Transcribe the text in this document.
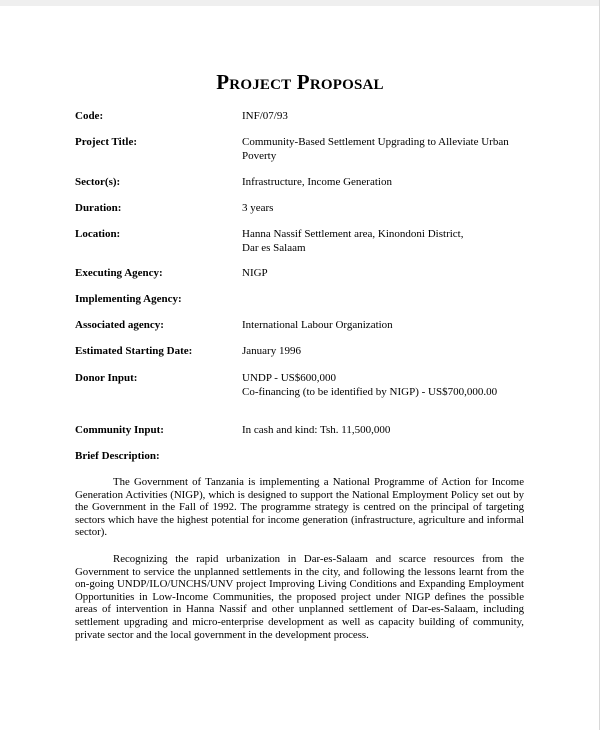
Project Proposal
Code:	INF/07/93
Project Title:	Community-Based Settlement Upgrading to Alleviate Urban
Poverty
Sector(s):	Infrastructure, Income Generation
Duration:	3 years
Location:	Hanna Nassif Settlement area, Kinondoni District,
Dar es Salaam
Executing Agency:	NIGP
Implementing Agency:
Associated agency:	International Labour Organization
Estimated Starting Date:	January 1996
Donor Input:	UNDP - US$600,000
Co-financing (to be identified by NIGP) - US$700,000.00
Community Input:	In cash and kind: Tsh. 11,500,000
Brief Description:

The Government of Tanzania is implementing a National Programme of Action for Income Generation Activities (NIGP), which is designed to support the National Employment Policy set out by the Government in the Fall of 1992. The programme strategy is centred on the principal of targeting sectors which have the highest potential for income generation (infrastructure, agriculture and informal sector).

Recognizing the rapid urbanization in Dar-es-Salaam and scarce resources from the Government to service the unplanned settlements in the city, and following the lessons learnt from the on-going UNDP/ILO/UNCHS/UNV project Improving Living Conditions and Expanding Employment Opportunities in Low-Income Communities, the proposed project under NIGP defines the possible areas of intervention in Hanna Nassif and other unplanned settlement of Dar-es-Salaam, including settlement upgrading and micro-enterprise development as well as capacity building of community, private sector and the local government in the development process.
